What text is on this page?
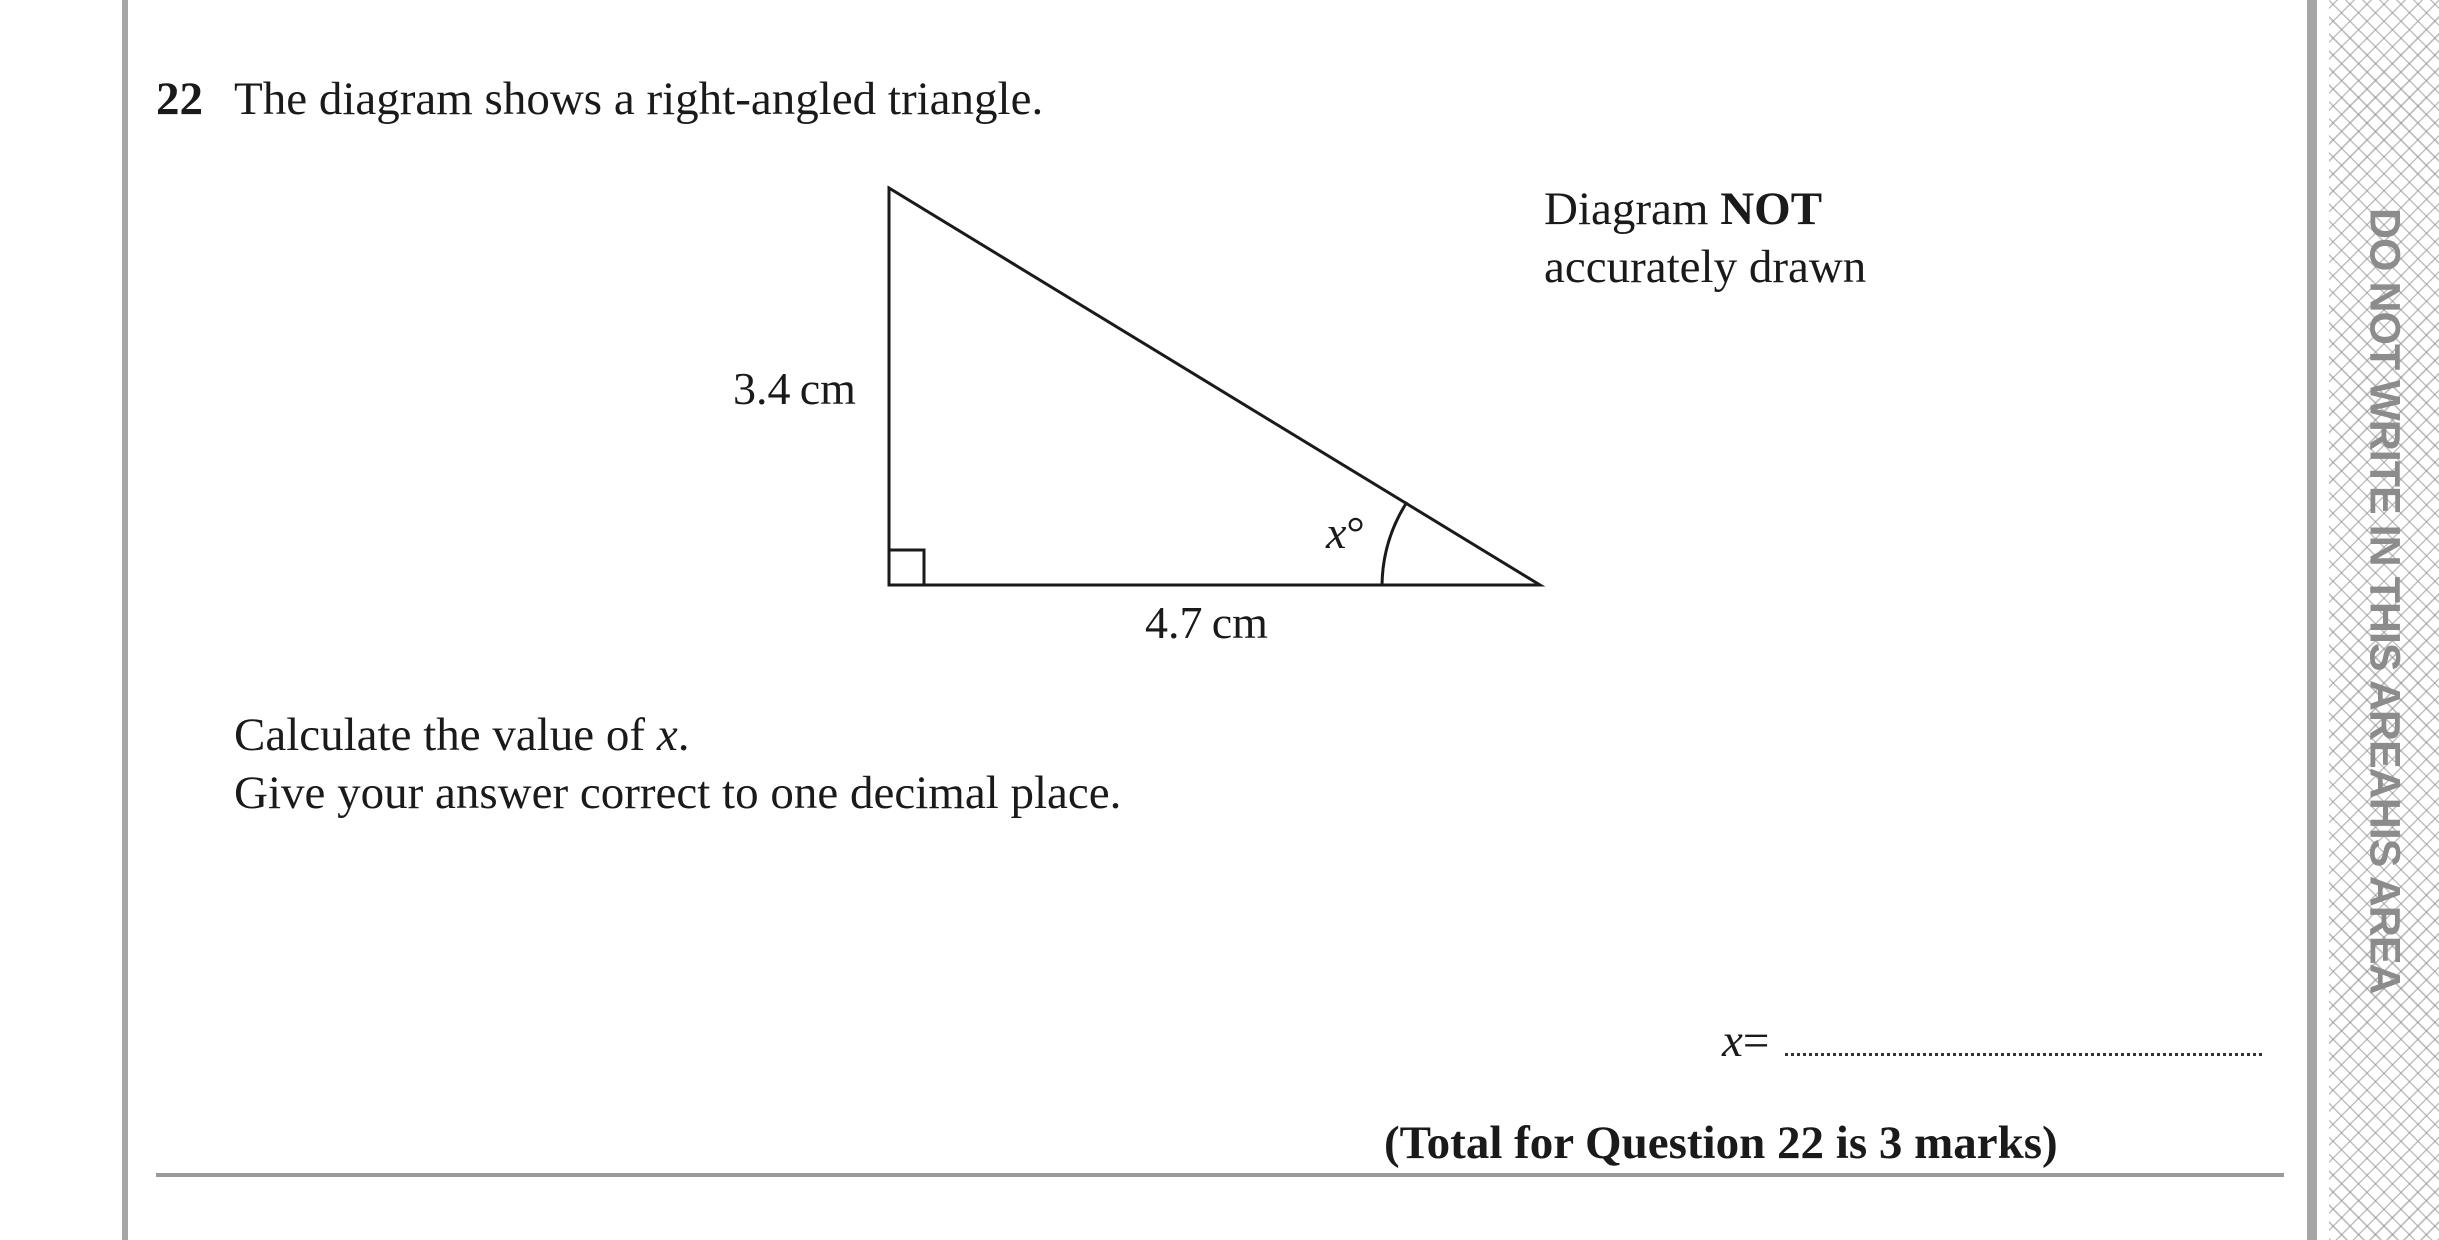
DO NOT WRITE IN THIS AREAHIS AREA
22 The diagram shows a right-angled triangle.
Diagram NOT
accurately drawn
3.4 cm
4.7 cm
x°
Calculate the value of x.
Give your answer correct to one decimal place.
x =
(Total for Question 22 is 3 marks)
